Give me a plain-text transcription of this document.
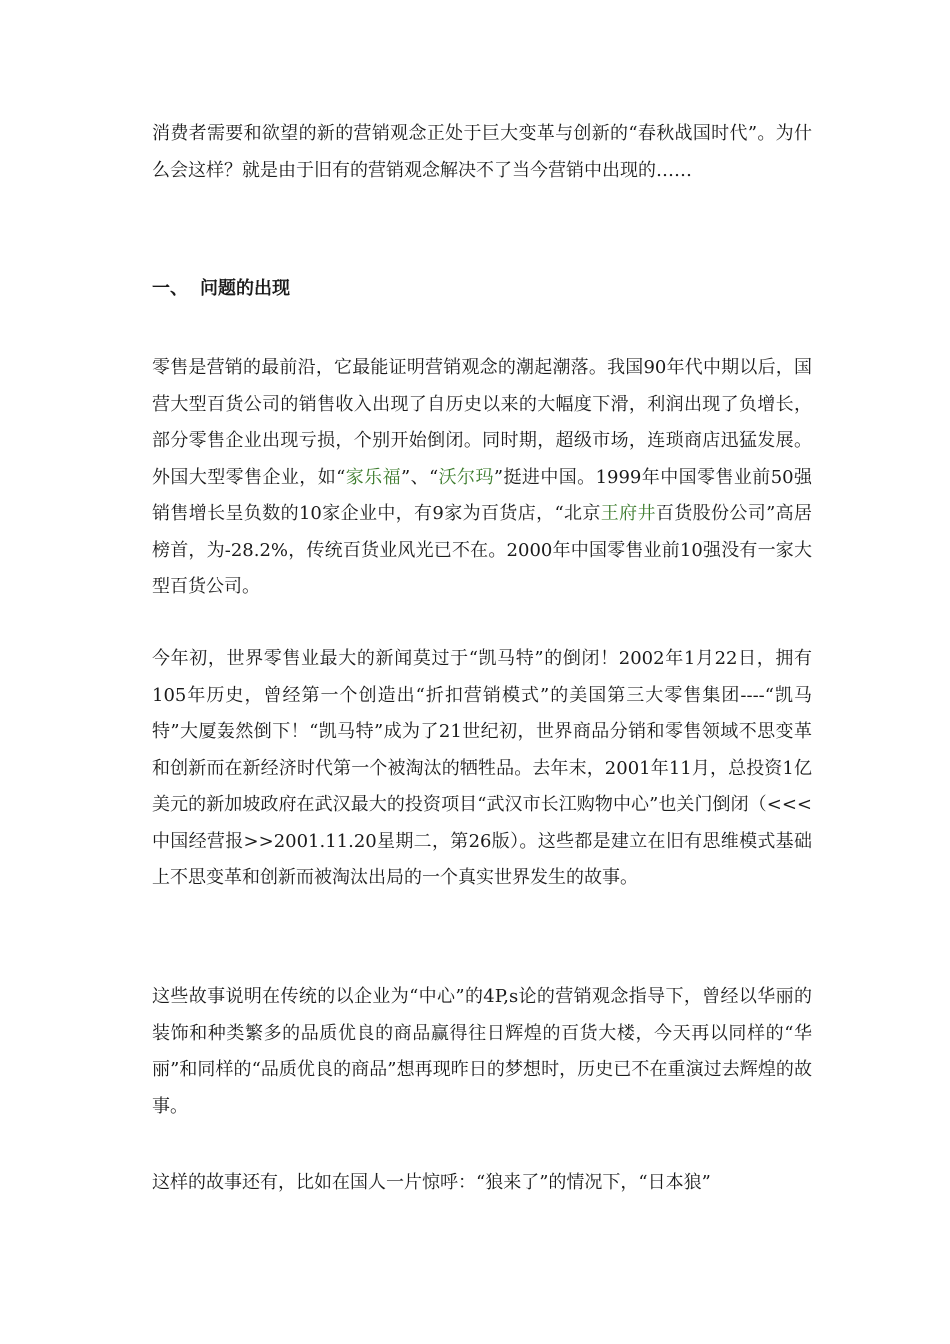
消费者需要和欲望的新的营销观念正处于巨大变革与创新的“春秋战国时代”。为什么会这样？就是由于旧有的营销观念解决不了当今营销中出现的……

一、 问题的出现

零售是营销的最前沿，它最能证明营销观念的潮起潮落。我国90年代中期以后，国营大型百货公司的销售收入出现了自历史以来的大幅度下滑，利润出现了负增长，部分零售企业出现亏损，个别开始倒闭。同时期，超级市场，连琐商店迅猛发展。外国大型零售企业，如“家乐福”、“沃尔玛”挺进中国。1999年中国零售业前50强销售增长呈负数的10家企业中，有9家为百货店，“北京王府井百货股份公司”高居榜首，为-28.2%，传统百货业风光已不在。2000年中国零售业前10强没有一家大型百货公司。

今年初，世界零售业最大的新闻莫过于“凯马特”的倒闭！2002年1月22日，拥有105年历史，曾经第一个创造出“折扣营销模式”的美国第三大零售集团----“凯马特”大厦轰然倒下！“凯马特”成为了21世纪初，世界商品分销和零售领域不思变革和创新而在新经济时代第一个被淘汰的牺牲品。去年末，2001年11月，总投资1亿美元的新加坡政府在武汉最大的投资项目“武汉市长江购物中心”也关门倒闭（<<<中国经营报>>2001.11.20星期二，第26版）。这些都是建立在旧有思维模式基础上不思变革和创新而被淘汰出局的一个真实世界发生的故事。

这些故事说明在传统的以企业为“中心”的4P,s论的营销观念指导下，曾经以华丽的装饰和种类繁多的品质优良的商品赢得往日辉煌的百货大楼，今天再以同样的“华丽”和同样的“品质优良的商品”想再现昨日的梦想时，历史已不在重演过去辉煌的故事。

这样的故事还有，比如在国人一片惊呼：“狼来了”的情况下，“日本狼”
